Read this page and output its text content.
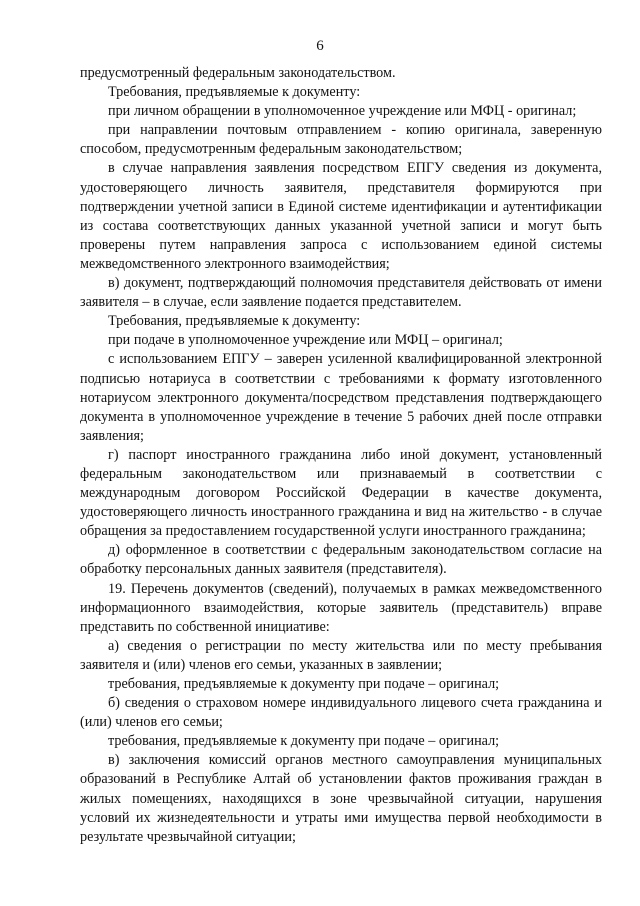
6

предусмотренный федеральным законодательством.

Требования, предъявляемые к документу:

при личном обращении в уполномоченное учреждение или МФЦ - оригинал;

при направлении почтовым отправлением - копию оригинала, заверенную способом, предусмотренным федеральным законодательством;

в случае направления заявления посредством ЕПГУ сведения из документа, удостоверяющего личность заявителя, представителя формируются при подтверждении учетной записи в Единой системе идентификации и аутентификации из состава соответствующих данных указанной учетной записи и могут быть проверены путем направления запроса с использованием единой системы межведомственного электронного взаимодействия;

в) документ, подтверждающий полномочия представителя действовать от имени заявителя – в случае, если заявление подается представителем.

Требования, предъявляемые к документу:

при подаче в уполномоченное учреждение или МФЦ – оригинал;

с использованием ЕПГУ – заверен усиленной квалифицированной электронной подписью нотариуса в соответствии с требованиями к формату изготовленного нотариусом электронного документа/посредством представления подтверждающего документа в уполномоченное учреждение в течение 5 рабочих дней после отправки заявления;

г) паспорт иностранного гражданина либо иной документ, установленный федеральным законодательством или признаваемый в соответствии с международным договором Российской Федерации в качестве документа, удостоверяющего личность иностранного гражданина и вид на жительство - в случае обращения за предоставлением государственной услуги иностранного гражданина;

д) оформленное в соответствии с федеральным законодательством согласие на обработку персональных данных заявителя (представителя).

19. Перечень документов (сведений), получаемых в рамках межведомственного информационного взаимодействия, которые заявитель (представитель) вправе представить по собственной инициативе:

а) сведения о регистрации по месту жительства или по месту пребывания заявителя и (или) членов его семьи, указанных в заявлении;

требования, предъявляемые к документу при подаче – оригинал;

б) сведения о страховом номере индивидуального лицевого счета гражданина и (или) членов его семьи;

требования, предъявляемые к документу при подаче – оригинал;

в) заключения комиссий органов местного самоуправления муниципальных образований в Республике Алтай об установлении фактов проживания граждан в жилых помещениях, находящихся в зоне чрезвычайной ситуации, нарушения условий их жизнедеятельности и утраты ими имущества первой необходимости в результате чрезвычайной ситуации;
